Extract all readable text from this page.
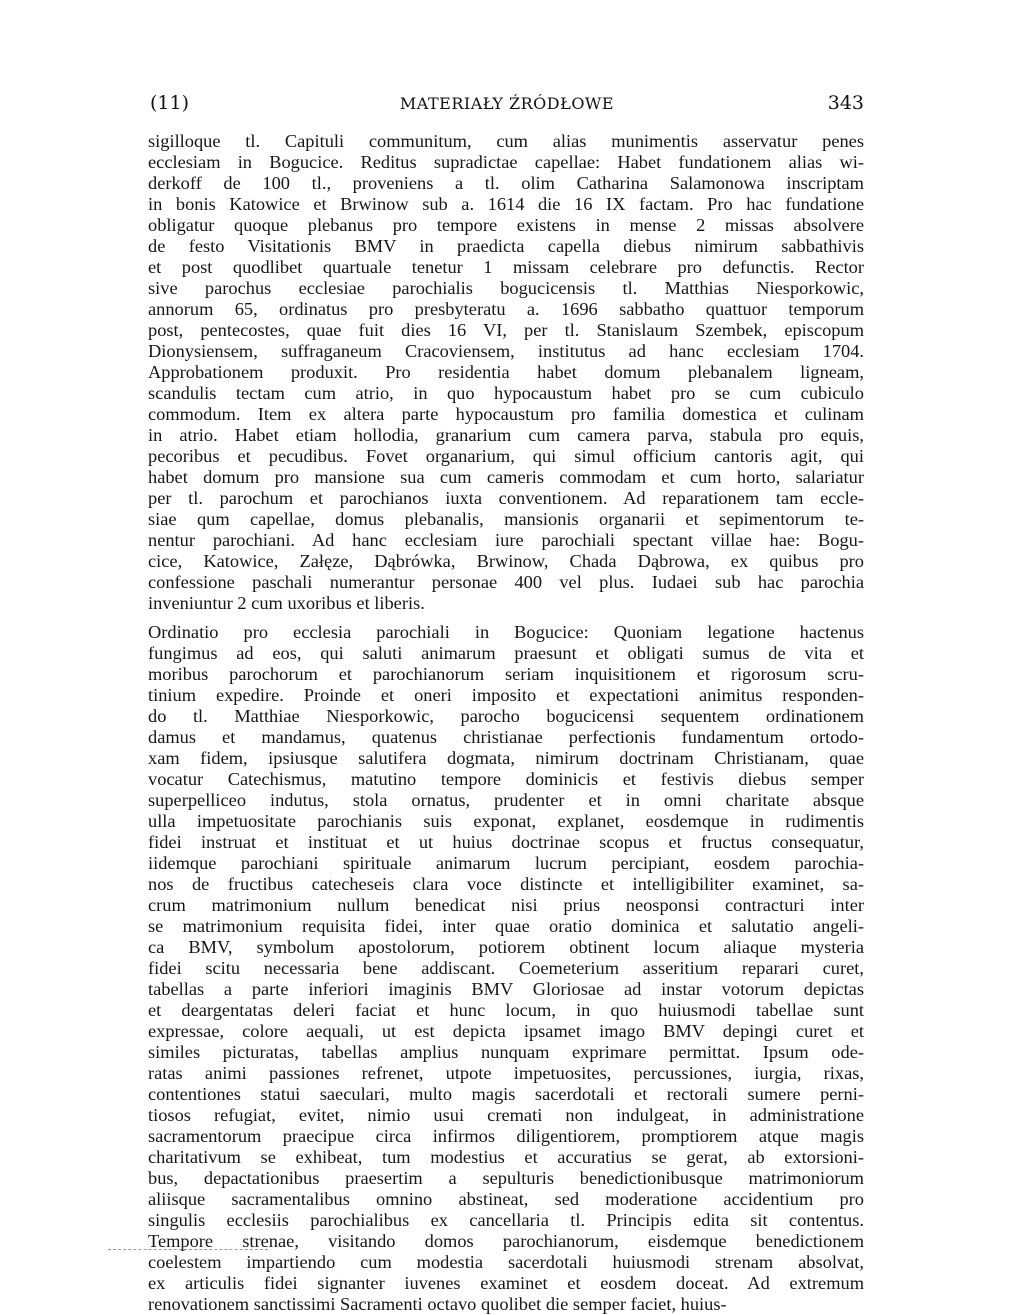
(11)	MATERIAŁY ŹRÓDŁOWE	343
sigilloque tl. Capituli communitum, cum alias munimentis asservatur penes
ecclesiam in Bogucice. Reditus supradictae capellae: Habet fundationem alias wi-
derkoff de 100 tl., proveniens a tl. olim Catharina Salamonowa inscriptam
in bonis Katowice et Brwinow sub a. 1614 die 16 IX factam. Pro hac fundatione
obligatur quoque plebanus pro tempore existens in mense 2 missas absolvere
de festo Visitationis BMV in praedicta capella diebus nimirum sabbathivis
et post quodlibet quartuale tenetur 1 missam celebrare pro defunctis. Rector
sive parochus ecclesiae parochialis bogucicensis tl. Matthias Niesporkowic,
annorum 65, ordinatus pro presbyteratu a. 1696 sabbatho quattuor temporum
post, pentecostes, quae fuit dies 16 VI, per tl. Stanislaum Szembek, episcopum
Dionysiensem, suffraganeum Cracoviensem, institutus ad hanc ecclesiam 1704.
Approbationem produxit. Pro residentia habet domum plebanalem ligneam,
scandulis tectam cum atrio, in quo hypocaustum habet pro se cum cubiculo
commodum. Item ex altera parte hypocaustum pro familia domestica et culinam
in atrio. Habet etiam hollodia, granarium cum camera parva, stabula pro equis,
pecoribus et pecudibus. Fovet organarium, qui simul officium cantoris agit, qui
habet domum pro mansione sua cum cameris commodam et cum horto, salariatur
per tl. parochum et parochianos iuxta conventionem. Ad reparationem tam eccle-
siae qum capellae, domus plebanalis, mansionis organarii et sepimentorum te-
nentur parochiani. Ad hanc ecclesiam iure parochiali spectant villae hae: Bogu-
cice, Katowice, Załęze, Dąbrówka, Brwinow, Chada Dąbrowa, ex quibus pro
confessione paschali numerantur personae 400 vel plus. Iudaei sub hac parochia
inveniuntur 2 cum uxoribus et liberis.
Ordinatio pro ecclesia parochiali in Bogucice: Quoniam legatione hactenus
fungimus ad eos, qui saluti animarum praesunt et obligati sumus de vita et
moribus parochorum et parochianorum seriam inquisitionem et rigorosum scru-
tinium expedire. Proinde et oneri imposito et expectationi animitus responden-
do tl. Matthiae Niesporkowic, parocho bogucicensi sequentem ordinationem
damus et mandamus, quatenus christianae perfectionis fundamentum ortodo-
xam fidem, ipsiusque salutifera dogmata, nimirum doctrinam Christianam, quae
vocatur Catechismus, matutino tempore dominicis et festivis diebus semper
superpelliceo indutus, stola ornatus, prudenter et in omni charitate absque
ulla impetuositate parochianis suis exponat, explanet, eosdemque in rudimentis
fidei instruat et instituat et ut huius doctrinae scopus et fructus consequatur,
iidemque parochiani spirituale animarum lucrum percipiant, eosdem parochia-
nos de fructibus catecheseis clara voce distincte et intelligibiliter examinet, sa-
crum matrimonium nullum benedicat nisi prius neosponsi contracturi inter
se matrimonium requisita fidei, inter quae oratio dominica et salutatio angeli-
ca BMV, symbolum apostolorum, potiorem obtinent locum aliaque mysteria
fidei scitu necessaria bene addiscant. Coemeterium asseritium reparari curet,
tabellas a parte inferiori imaginis BMV Gloriosae ad instar votorum depictas
et deargentatas deleri faciat et hunc locum, in quo huiusmodi tabellae sunt
expressae, colore aequali, ut est depicta ipsamet imago BMV depingi curet et
similes picturatas, tabellas amplius nunquam exprimare permittat. Ipsum ode-
ratas animi passiones refrenet, utpote impetuosites, percussiones, iurgia, rixas,
contentiones statui saeculari, multo magis sacerdotali et rectorali sumere perni-
tiosos refugiat, evitet, nimio usui cremati non indulgeat, in administratione
sacramentorum praecipue circa infirmos diligentiorem, promptiorem atque magis
charitativum se exhibeat, tum modestius et accuratius se gerat, ab extorsioni-
bus, depactationibus praesertim a sepulturis benedictionibusque matrimoniorum
aliisque sacramentalibus omnino abstineat, sed moderatione accidentium pro
singulis ecclesiis parochialibus ex cancellaria tl. Principis edita sit contentus.
Tempore strenae, visitando domos parochianorum, eisdemque benedictionem
coelestem impartiendo cum modestia sacerdotali huiusmodi strenam absolvat,
ex articulis fidei signanter iuvenes examinet et eosdem doceat. Ad extremum
renovationem sanctissimi Sacramenti octavo quolibet die semper faciet, huius-
